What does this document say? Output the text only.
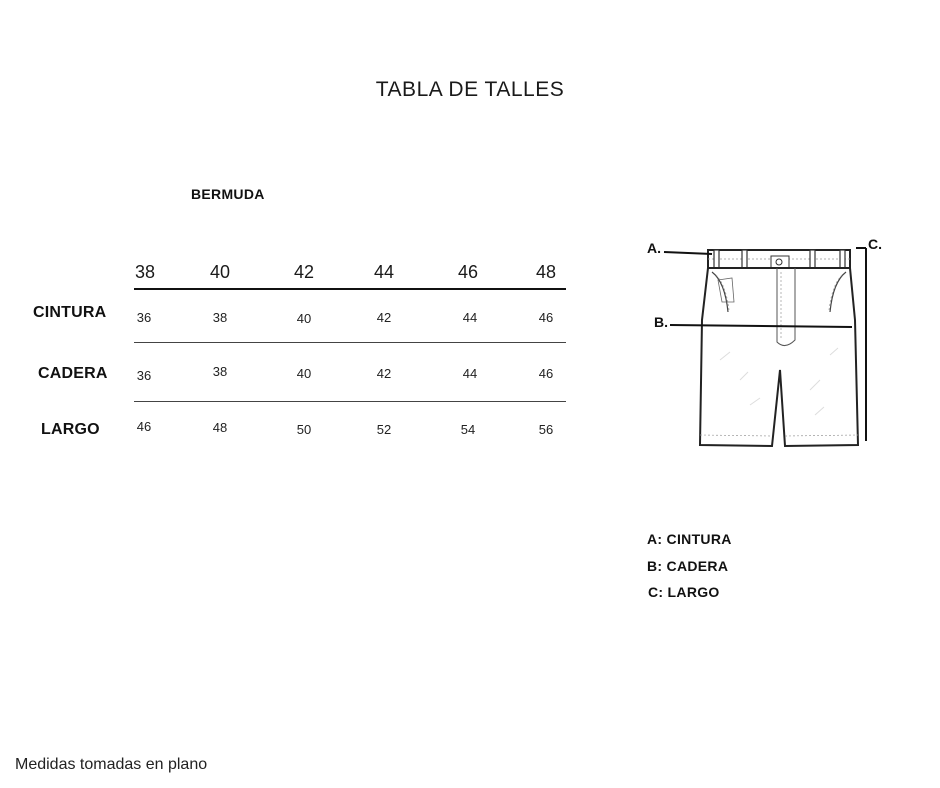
TABLA DE TALLES
BERMUDA
38	40	42	44	46	48
CINTURA	36	38	40	42	44	46
CADERA	36	38	40	42	44	46
LARGO	46	48	50	52	54	56
A.
B.
C.
A: CINTURA
B: CADERA
C: LARGO
Medidas tomadas en plano
